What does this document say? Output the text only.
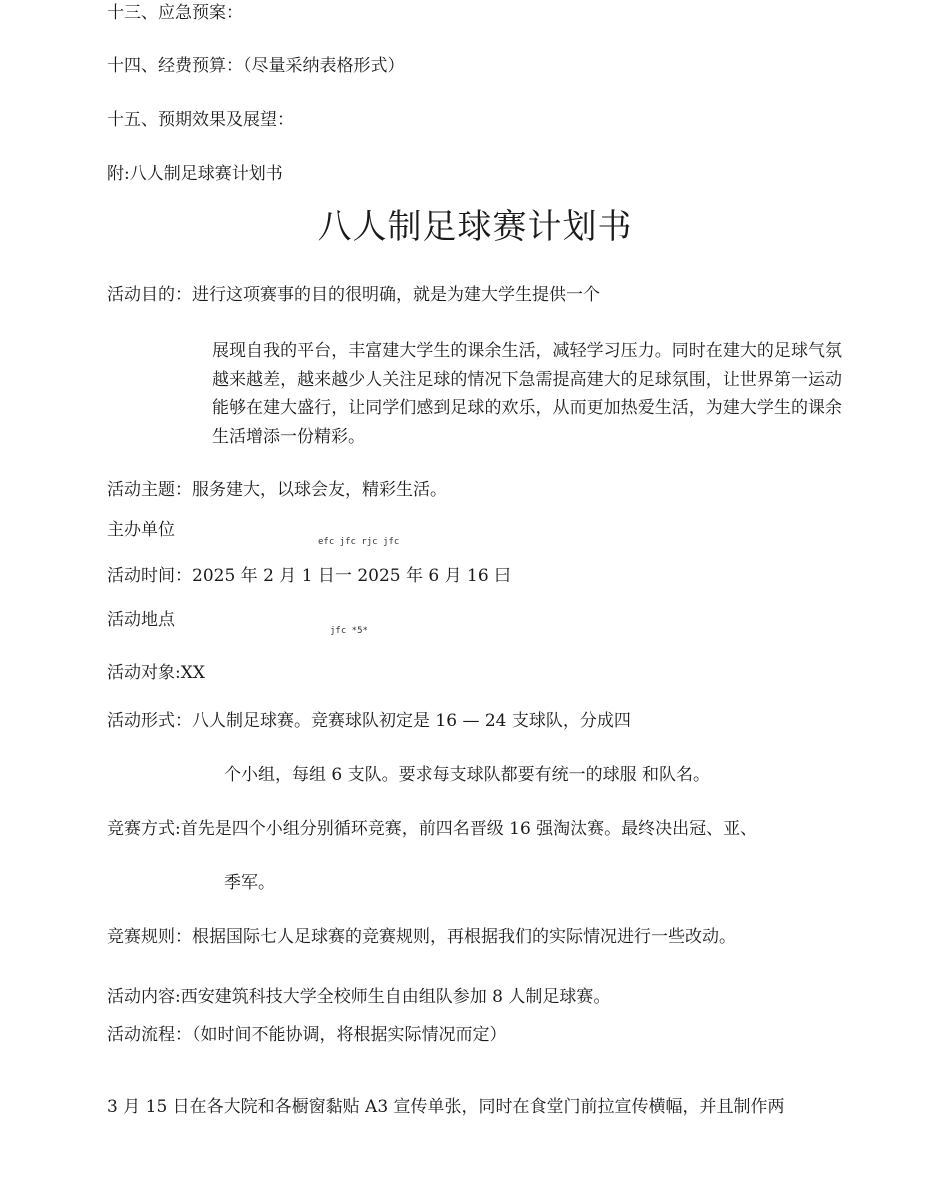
十三、应急预案：
十四、经费预算：（尽量采纳表格形式）
十五、预期效果及展望：
附:八人制足球赛计划书
八人制足球赛计划书
活动目的：进行这项赛事的目的很明确，就是为建大学生提供一个
展现自我的平台，丰富建大学生的课余生活，减轻学习压力。同时在建大的足球气氛越来越差，越来越少人关注足球的情况下急需提高建大的足球氛围，让世界第一运动能够在建大盛行，让同学们感到足球的欢乐，从而更加热爱生活，为建大学生的课余生活增添一份精彩。
活动主题：服务建大，以球会友，精彩生活。
主办单位
efc jfc rjc jfc
活动时间：2025 年 2 月 1 日一 2025 年 6 月 16 曰
活动地点
jfc *5*
活动对象:XX
活动形式：八人制足球赛。竞赛球队初定是 16 — 24 支球队，分成四
个小组，每组 6 支队。要求每支球队都要有统一的球服 和队名。
竞赛方式:首先是四个小组分别循环竞赛，前四名晋级 16 强淘汰赛。最终决出冠、亚、
季军。
竞赛规则：根据国际七人足球赛的竞赛规则，再根据我们的实际情况进行一些改动。
活动内容:西安建筑科技大学全校师生自由组队参加 8 人制足球赛。
活动流程：（如时间不能协调，将根据实际情况而定）
3 月 15 日在各大院和各橱窗黏贴 A3 宣传单张，同时在食堂门前拉宣传横幅，并且制作两
